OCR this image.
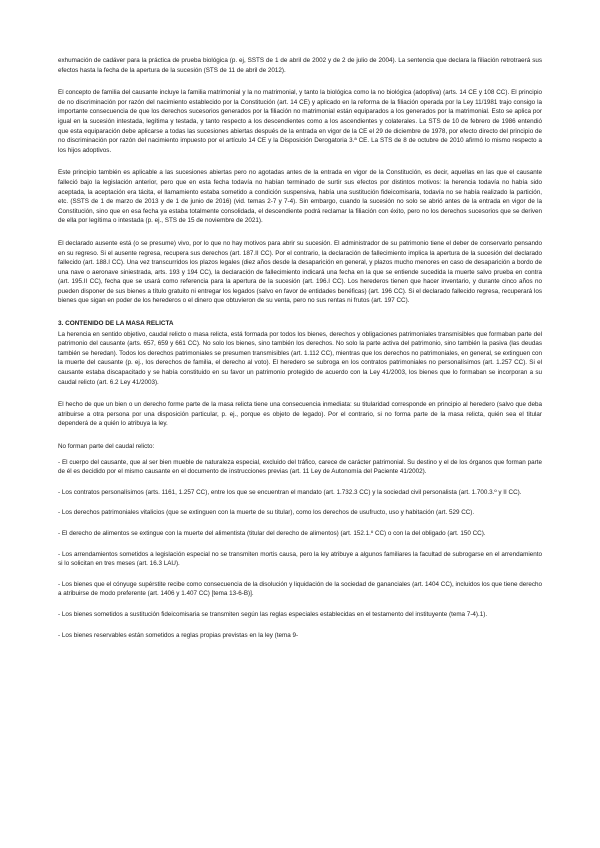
exhumación de cadáver para la práctica de prueba biológica (p. ej, SSTS de 1 de abril de 2002 y de 2 de julio de 2004). La sentencia que declara la filiación retrotraerá sus efectos hasta la fecha de la apertura de la sucesión (STS de 11 de abril de 2012).

El concepto de familia del causante incluye la familia matrimonial y la no matrimonial, y tanto la biológica como la no biológica (adoptiva) (arts. 14 CE y 108 CC). El principio de no discriminación por razón del nacimiento establecido por la Constitución (art. 14 CE) y aplicado en la reforma de la filiación operada por la Ley 11/1981 trajo consigo la importante consecuencia de que los derechos sucesorios generados por la filiación no matrimonial están equiparados a los generados por la matrimonial. Esto se aplica por igual en la sucesión intestada, legítima y testada, y tanto respecto a los descendientes como a los ascendientes y colaterales. La STS de 10 de febrero de 1986 entendió que esta equiparación debe aplicarse a todas las sucesiones abiertas después de la entrada en vigor de la CE el 29 de diciembre de 1978, por efecto directo del principio de no discriminación por razón del nacimiento impuesto por el artículo 14 CE y la Disposición Derogatoria 3.ª CE. La STS de 8 de octubre de 2010 afirmó lo mismo respecto a los hijos adoptivos.

Este principio también es aplicable a las sucesiones abiertas pero no agotadas antes de la entrada en vigor de la Constitución, es decir, aquellas en las que el causante falleció bajo la legislación anterior, pero que en esta fecha todavía no habían terminado de surtir sus efectos por distintos motivos: la herencia todavía no había sido aceptada, la aceptación era tácita, el llamamiento estaba sometido a condición suspensiva, había una sustitución fideicomisaria, todavía no se había realizado la partición, etc. (SSTS de 1 de marzo de 2013 y de 1 de junio de 2016) (vid. temas 2-7 y 7-4). Sin embargo, cuando la sucesión no solo se abrió antes de la entrada en vigor de la Constitución, sino que en esa fecha ya estaba totalmente consolidada, el descendiente podrá reclamar la filiación con éxito, pero no los derechos sucesorios que se deriven de ella por legítima o intestada (p. ej., STS de 15 de noviembre de 2021).

El declarado ausente está (o se presume) vivo, por lo que no hay motivos para abrir su sucesión. El administrador de su patrimonio tiene el deber de conservarlo pensando en su regreso. Si el ausente regresa, recupera sus derechos (art. 187.II CC). Por el contrario, la declaración de fallecimiento implica la apertura de la sucesión del declarado fallecido (art. 188.I CC). Una vez transcurridos los plazos legales (diez años desde la desaparición en general, y plazos mucho menores en caso de desaparición a bordo de una nave o aeronave siniestrada, arts. 193 y 194 CC), la declaración de fallecimiento indicará una fecha en la que se entiende sucedida la muerte salvo prueba en contra (art. 195.II CC), fecha que se usará como referencia para la apertura de la sucesión (art. 196.I CC). Los herederos tienen que hacer inventario, y durante cinco años no pueden disponer de sus bienes a título gratuito ni entregar los legados (salvo en favor de entidades benéficas) (art. 196 CC). Si el declarado fallecido regresa, recuperará los bienes que sigan en poder de los herederos o el dinero que obtuvieron de su venta, pero no sus rentas ni frutos (art. 197 CC).

3. CONTENIDO DE LA MASA RELICTA

La herencia en sentido objetivo, caudal relicto o masa relicta, está formada por todos los bienes, derechos y obligaciones patrimoniales transmisibles que formaban parte del patrimonio del causante (arts. 657, 659 y 661 CC). No solo los bienes, sino también los derechos. No solo la parte activa del patrimonio, sino también la pasiva (las deudas también se heredan). Todos los derechos patrimoniales se presumen transmisibles (art. 1.112 CC), mientras que los derechos no patrimoniales, en general, se extinguen con la muerte del causante (p. ej., los derechos de familia, el derecho al voto). El heredero se subroga en los contratos patrimoniales no personalísimos (art. 1.257 CC). Si el causante estaba discapacitado y se había constituido en su favor un patrimonio protegido de acuerdo con la Ley 41/2003, los bienes que lo formaban se incorporan a su caudal relicto (art. 6.2 Ley 41/2003).

El hecho de que un bien o un derecho forme parte de la masa relicta tiene una consecuencia inmediata: su titularidad corresponde en principio al heredero (salvo que deba atribuirse a otra persona por una disposición particular, p. ej., porque es objeto de legado). Por el contrario, si no forma parte de la masa relicta, quién sea el titular dependerá de a quién lo atribuya la ley.

No forman parte del caudal relicto:

- El cuerpo del causante, que al ser bien mueble de naturaleza especial, excluido del tráfico, carece de carácter patrimonial. Su destino y el de los órganos que forman parte de él es decidido por el mismo causante en el documento de instrucciones previas (art. 11 Ley de Autonomía del Paciente 41/2002).

- Los contratos personalísimos (arts. 1161, 1.257 CC), entre los que se encuentran el mandato (art. 1.732.3 CC) y la sociedad civil personalista (art. 1.700.3.º y II CC).

- Los derechos patrimoniales vitalicios (que se extinguen con la muerte de su titular), como los derechos de usufructo, uso y habitación (art. 529 CC).

- El derecho de alimentos se extingue con la muerte del alimentista (titular del derecho de alimentos) (art. 152.1.º CC) o con la del obligado (art. 150 CC).

- Los arrendamientos sometidos a legislación especial no se transmiten mortis causa, pero la ley atribuye a algunos familiares la facultad de subrogarse en el arrendamiento si lo solicitan en tres meses (art. 16.3 LAU).

- Los bienes que el cónyuge supérstite recibe como consecuencia de la disolución y liquidación de la sociedad de gananciales (art. 1404 CC), incluidos los que tiene derecho a atribuirse de modo preferente (art. 1406 y 1.407 CC) [tema 13-6-B)].

- Los bienes sometidos a sustitución fideicomisaria se transmiten según las reglas especiales establecidas en el testamento del instituyente (tema 7-4).1).

- Los bienes reservables están sometidos a reglas propias previstas en la ley (tema 9-
